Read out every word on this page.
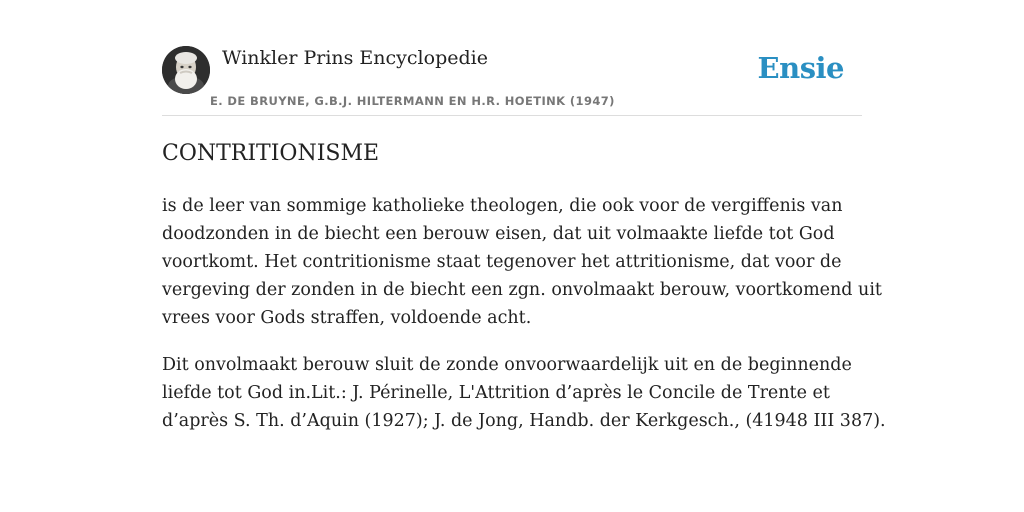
Winkler Prins Encyclopedie
E. DE BRUYNE, G.B.J. HILTERMANN EN H.R. HOETINK (1947)
Ensie
CONTRITIONISME

is de leer van sommige katholieke theologen, die ook voor de vergiffenis van
doodzonden in de biecht een berouw eisen, dat uit volmaakte liefde tot God
voortkomt. Het contritionisme staat tegenover het attritionisme, dat voor de
vergeving der zonden in de biecht een zgn. onvolmaakt berouw, voortkomend uit
vrees voor Gods straffen, voldoende acht.

Dit onvolmaakt berouw sluit de zonde onvoorwaardelijk uit en de beginnende
liefde tot God in.Lit.: J. Périnelle, L'Attrition d’après le Concile de Trente et
d’après S. Th. d’Aquin (1927); J. de Jong, Handb. der Kerkgesch., (41948 III 387).
